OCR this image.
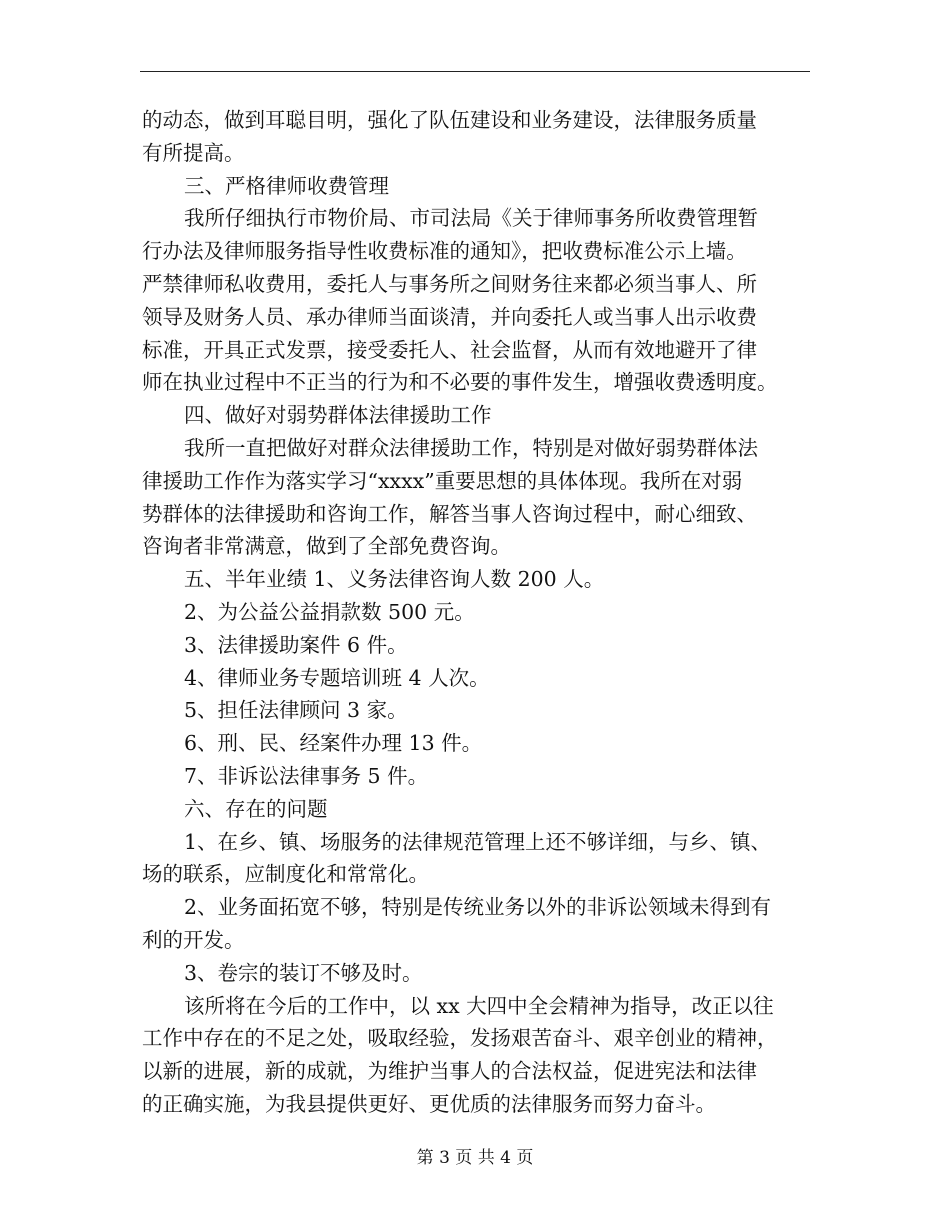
的动态，做到耳聪目明，强化了队伍建设和业务建设，法律服务质量

有所提高。

三、严格律师收费管理

我所仔细执行市物价局、市司法局《关于律师事务所收费管理暂

行办法及律师服务指导性收费标准的通知》，把收费标准公示上墙。

严禁律师私收费用，委托人与事务所之间财务往来都必须当事人、所

领导及财务人员、承办律师当面谈清，并向委托人或当事人出示收费

标准，开具正式发票，接受委托人、社会监督，从而有效地避开了律

师在执业过程中不正当的行为和不必要的事件发生，增强收费透明度。

四、做好对弱势群体法律援助工作

我所一直把做好对群众法律援助工作，特别是对做好弱势群体法

律援助工作作为落实学习“xxxx”重要思想的具体体现。我所在对弱

势群体的法律援助和咨询工作，解答当事人咨询过程中，耐心细致、

咨询者非常满意，做到了全部免费咨询。

五、半年业绩 1、义务法律咨询人数 200 人。

2、为公益公益捐款数 500 元。

3、法律援助案件 6 件。

4、律师业务专题培训班 4 人次。

5、担任法律顾问 3 家。

6、刑、民、经案件办理 13 件。

7、非诉讼法律事务 5 件。

六、存在的问题

1、在乡、镇、场服务的法律规范管理上还不够详细，与乡、镇、

场的联系，应制度化和常常化。

2、业务面拓宽不够，特别是传统业务以外的非诉讼领域未得到有

利的开发。

3、卷宗的装订不够及时。

该所将在今后的工作中，以 xx 大四中全会精神为指导，改正以往

工作中存在的不足之处，吸取经验，发扬艰苦奋斗、艰辛创业的精神，

以新的进展，新的成就，为维护当事人的合法权益，促进宪法和法律

的正确实施，为我县提供更好、更优质的法律服务而努力奋斗。

第 3 页 共 4 页
